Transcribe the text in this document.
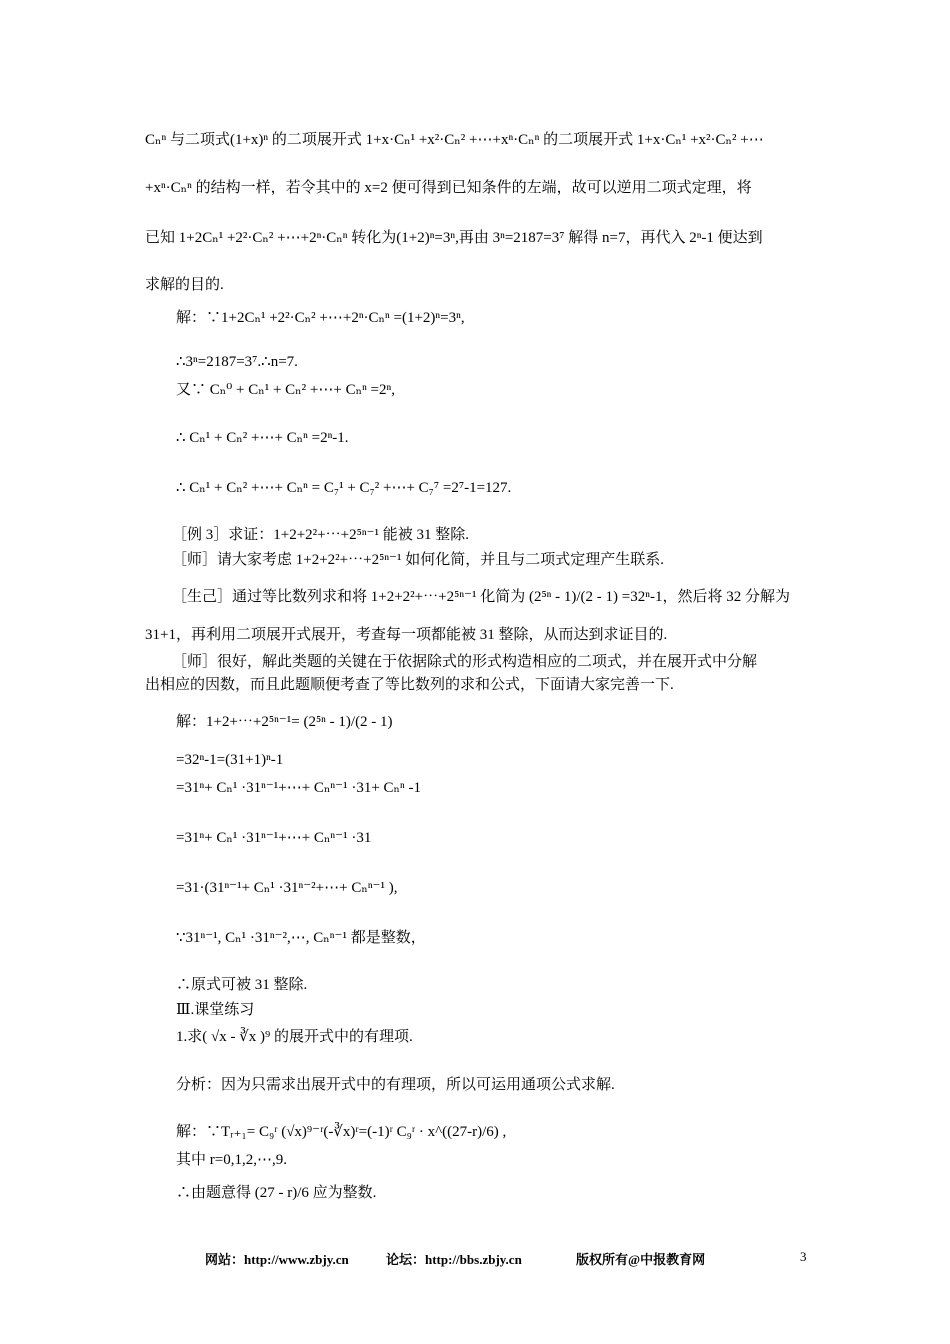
Cₙⁿ 与二项式(1+x)ⁿ 的二项展开式 1+x·Cₙ¹ +x²·Cₙ² +⋯+xⁿ·Cₙⁿ 的二项展开式 1+x·Cₙ¹ +x²·Cₙ² +⋯
+xⁿ·Cₙⁿ 的结构一样，若令其中的 x=2 便可得到已知条件的左端，故可以逆用二项式定理，将
已知 1+2Cₙ¹ +2²·Cₙ² +⋯+2ⁿ·Cₙⁿ 转化为(1+2)ⁿ=3ⁿ,再由 3ⁿ=2187=3⁷ 解得 n=7，再代入 2ⁿ-1 便达到
求解的目的.
解：∵1+2Cₙ¹ +2²·Cₙ² +⋯+2ⁿ·Cₙⁿ =(1+2)ⁿ=3ⁿ,
∴3ⁿ=2187=3⁷.∴n=7.
又∵ Cₙ⁰ + Cₙ¹ + Cₙ² +⋯+ Cₙⁿ =2ⁿ,
∴ Cₙ¹ + Cₙ² +⋯+ Cₙⁿ =2ⁿ-1.
∴ Cₙ¹ + Cₙ² +⋯+ Cₙⁿ = C₇¹ + C₇² +⋯+ C₇⁷ =2⁷-1=127.
［例 3］求证：1+2+2²+⋯+2⁵ⁿ⁻¹ 能被 31 整除.
［师］请大家考虑 1+2+2²+⋯+2⁵ⁿ⁻¹ 如何化简，并且与二项式定理产生联系.
［生己］通过等比数列求和将 1+2+2²+⋯+2⁵ⁿ⁻¹ 化简为 (2⁵ⁿ - 1)/(2 - 1) =32ⁿ-1，然后将 32 分解为
31+1，再利用二项展开式展开，考查每一项都能被 31 整除，从而达到求证目的.
［师］很好，解此类题的关键在于依据除式的形式构造相应的二项式，并在展开式中分解
出相应的因数，而且此题顺便考查了等比数列的求和公式，下面请大家完善一下.
解：1+2+⋯+2⁵ⁿ⁻¹= (2⁵ⁿ - 1)/(2 - 1)
=32ⁿ-1=(31+1)ⁿ-1
=31ⁿ+ Cₙ¹ ·31ⁿ⁻¹+⋯+ Cₙⁿ⁻¹ ·31+ Cₙⁿ -1
=31ⁿ+ Cₙ¹ ·31ⁿ⁻¹+⋯+ Cₙⁿ⁻¹ ·31
=31·(31ⁿ⁻¹+ Cₙ¹ ·31ⁿ⁻²+⋯+ Cₙⁿ⁻¹ ),
∵31ⁿ⁻¹, Cₙ¹ ·31ⁿ⁻²,⋯, Cₙⁿ⁻¹ 都是整数，
∴原式可被 31 整除.
Ⅲ.课堂练习
1.求( √x - ∛x )⁹ 的展开式中的有理项.
分析：因为只需求出展开式中的有理项，所以可运用通项公式求解.
解：∵Tᵣ₊₁= C₉ʳ (√x)⁹⁻ʳ(-∛x)ʳ=(-1)ʳ C₉ʳ · x^((27-r)/6) ,
其中 r=0,1,2,⋯,9.
∴由题意得 (27 - r)/6 应为整数.
网站：http://www.zbjy.cn	论坛：http://bbs.zbjy.cn	版权所有@中报教育网	3
